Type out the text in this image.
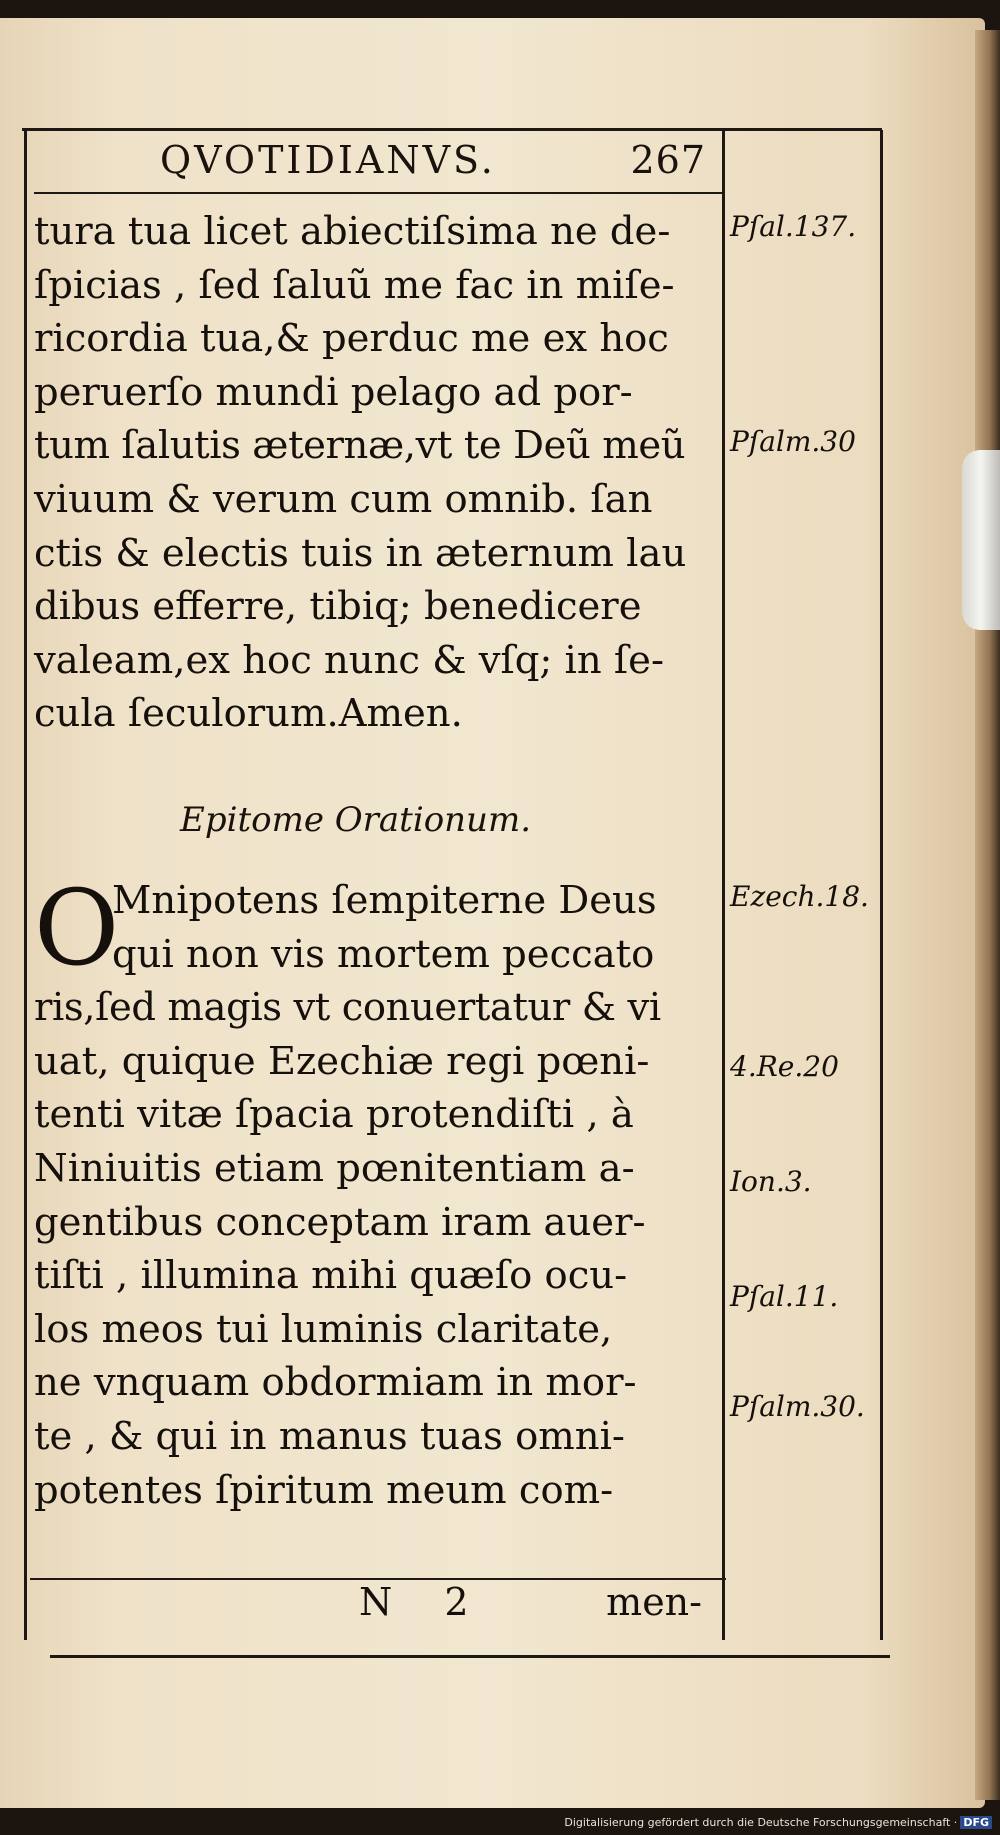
QVOTIDIANVS.	267
tura tua licet abiectiſsima ne de-
ſpicias , ſed ſaluũ me fac in miſe-
ricordia tua,& perduc me ex hoc
peruerſo mundi pelago ad por-
tum ſalutis æternæ,vt te Deũ meũ
viuum & verum cum omnib. ſan
ctis & electis tuis in æternum lau
dibus efferre, tibiq; benedicere
valeam,ex hoc nunc & vſq; in ſe-
cula ſeculorum.Amen.
Epitome Orationum.
O
Mnipotens ſempiterne Deus
qui non vis mortem peccato
ris,ſed magis vt conuertatur & vi
uat, quique Ezechiæ regi pœni-
tenti vitæ ſpacia protendiſti , à
Niniuitis etiam pœnitentiam a-
gentibus conceptam iram auer-
tiſti , illumina mihi quæſo ocu-
los meos tui luminis claritate,
ne vnquam obdormiam in mor-
te , & qui in manus tuas omni-
potentes ſpiritum meum com-
N 2	men-
Pſal.137.
Pſalm.30
Ezech.18.
4.Re.20
Ion.3.
Pſal.11.
Pſalm.30.
Digitalisierung gefördert durch die Deutsche Forschungsgemeinschaft · DFG
